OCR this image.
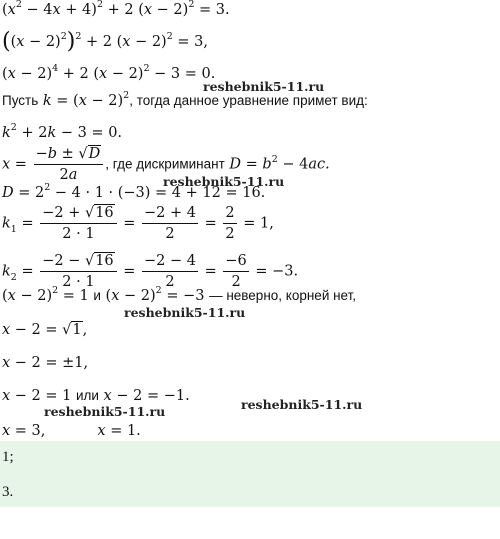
$(x^2 - 4x + 4)^2 + 2$ $(x - 2)^2 = 3$.
$((x - 2)^2)^2 + 2$ $(x - 2)^2 = 3$,
$(x - 2)^4 + 2$ $(x - 2)^2 - 3 = 0$.
reshebnik5-11.ru
Пусть $k = (x - 2)^2$, тогда данное уравнение примет вид:
$k^2 + 2k - 3 = 0$.
$x = \frac{-b \pm √D}{2a}$ , где дискриминант $D = b^2 - 4ac$.
reshebnik5-11.ru
$D = 2^2 - 4 \cdot 1 \cdot (-3) = 4 + 12 = 16$.
$k_1 = \frac{-2 + √16}{2 \cdot 1} = \frac{-2 + 4}{2} = \frac{2}{2} = 1$,
$k_2 = \frac{-2 - √16}{2 \cdot 1} = \frac{-2 - 4}{2} = \frac{-6}{2} = -3$.
$(x - 2)^2 = 1$ и $(x - 2)^2 = -3$ — неверно, корней нет,
reshebnik5-11.ru
x − 2 = √1,
x − 2 = ±1,
x − 2 = 1 или x − 2 = −1.
reshebnik5-11.ru
reshebnik5-11.ru
x = 3,	x = 1.
1;
3.
